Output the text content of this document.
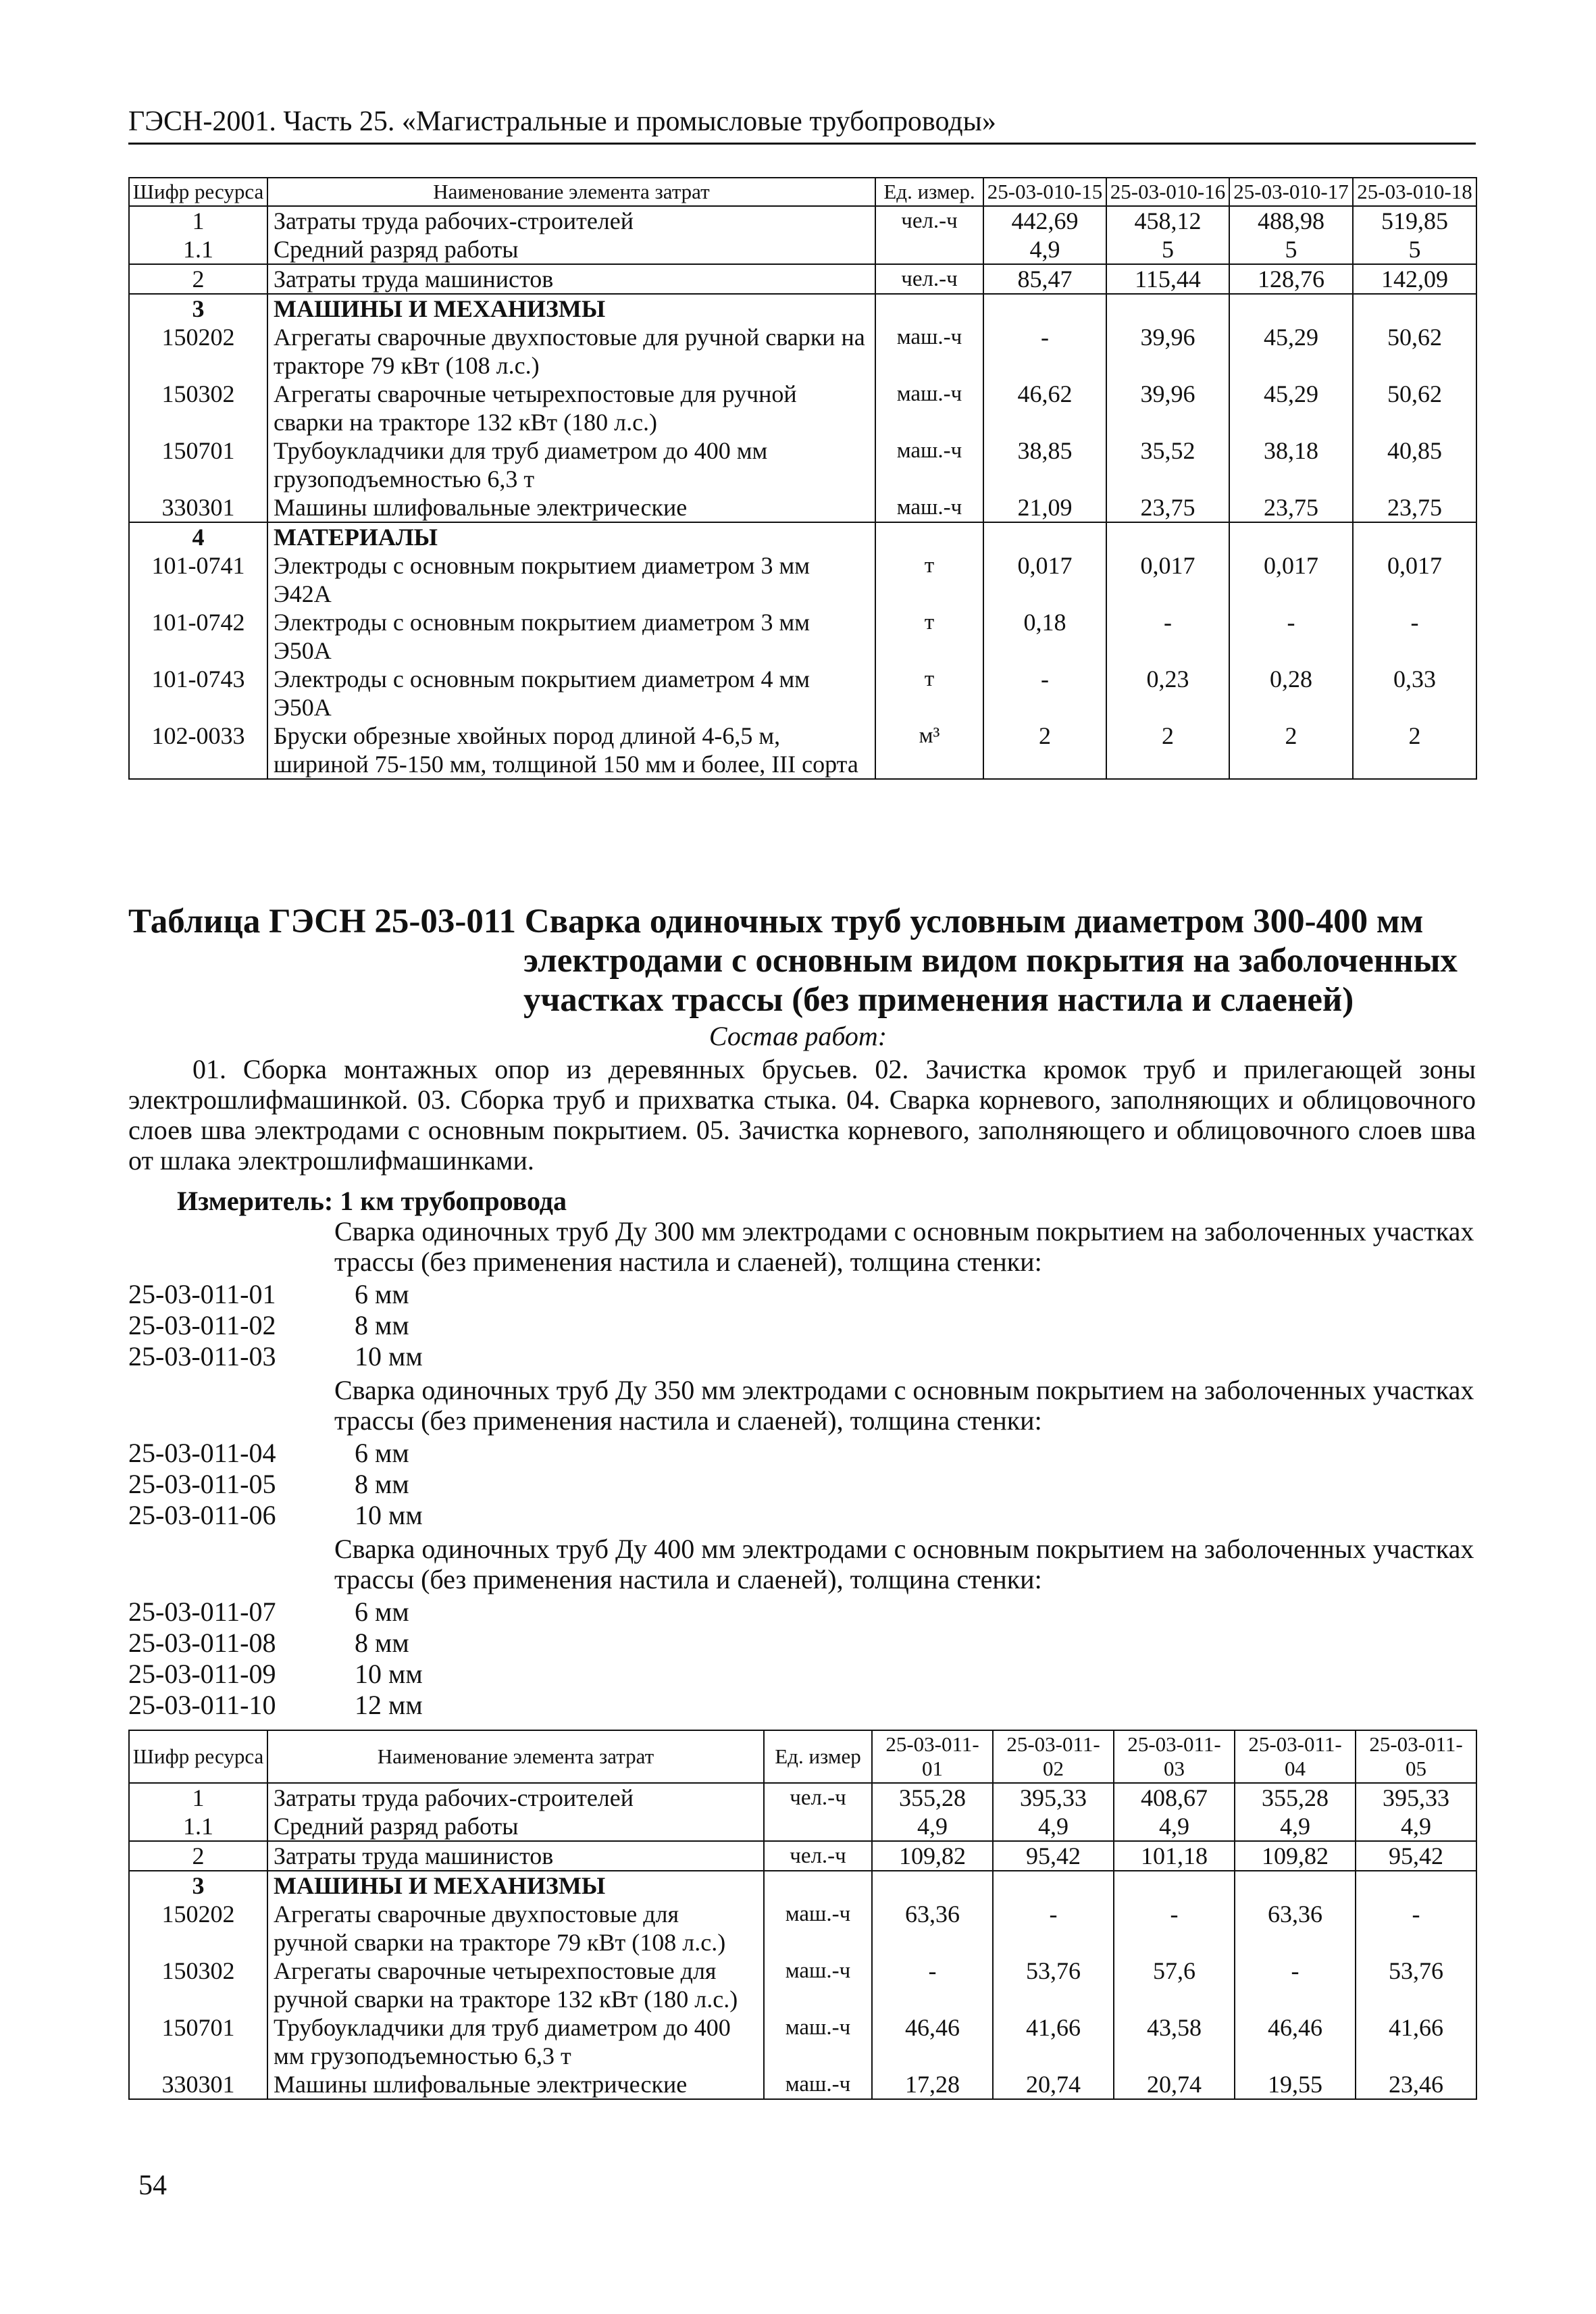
ГЭСН-2001. Часть 25. «Магистральные и промысловые трубопроводы»
Шифр ресурса	Наименование элемента затрат	Ед. измер.	25-03-010-15	25-03-010-16	25-03-010-17	25-03-010-18
1	Затраты труда рабочих-строителей	чел.-ч	442,69	458,12	488,98	519,85
1.1	Средний разряд работы		4,9	5	5	5
2	Затраты труда машинистов	чел.-ч	85,47	115,44	128,76	142,09
3	МАШИНЫ И МЕХАНИЗМЫ					
150202	Агрегаты сварочные двухпостовые для ручной сварки на тракторе 79 кВт (108 л.с.)	маш.-ч	-	39,96	45,29	50,62
150302	Агрегаты сварочные четырехпостовые для ручной сварки на тракторе 132 кВт (180 л.с.)	маш.-ч	46,62	39,96	45,29	50,62
150701	Трубоукладчики для труб диаметром до 400 мм грузоподъемностью 6,3 т	маш.-ч	38,85	35,52	38,18	40,85
330301	Машины шлифовальные электрические	маш.-ч	21,09	23,75	23,75	23,75
4	МАТЕРИАЛЫ					
101-0741	Электроды с основным покрытием диаметром 3 мм Э42А	т	0,017	0,017	0,017	0,017
101-0742	Электроды с основным покрытием диаметром 3 мм Э50А	т	0,18	-	-	-
101-0743	Электроды с основным покрытием диаметром 4 мм Э50А	т	-	0,23	0,28	0,33
102-0033	Бруски обрезные хвойных пород длиной 4-6,5 м, шириной 75-150 мм, толщиной 150 мм и более, III сорта	м³	2	2	2	2
Таблица ГЭСН 25-03-011 Сварка одиночных труб условным диаметром 300-400 мм
электродами с основным видом покрытия на заболоченных
участках трассы (без применения настила и слаеней)
Состав работ:
01. Сборка монтажных опор из деревянных брусьев. 02. Зачистка кромок труб и прилегающей зоны электрошлифмашинкой. 03. Сборка труб и прихватка стыка. 04. Сварка корневого, заполняющих и облицовочного слоев шва электродами с основным покрытием. 05. Зачистка корневого, заполняющего и облицовочного слоев шва от шлака электрошлифмашинками.
Измеритель: 1 км трубопровода
Сварка одиночных труб Ду 300 мм электродами с основным покрытием на заболоченных участках трассы (без применения настила и слаеней), толщина стенки:
25-03-011-01	6 мм
25-03-011-02	8 мм
25-03-011-03	10 мм
Сварка одиночных труб Ду 350 мм электродами с основным покрытием на заболоченных участках трассы (без применения настила и слаеней), толщина стенки:
25-03-011-04	6 мм
25-03-011-05	8 мм
25-03-011-06	10 мм
Сварка одиночных труб Ду 400 мм электродами с основным покрытием на заболоченных участках трассы (без применения настила и слаеней), толщина стенки:
25-03-011-07	6 мм
25-03-011-08	8 мм
25-03-011-09	10 мм
25-03-011-10	12 мм
Шифр ресурса	Наименование элемента затрат	Ед. измер	25-03-011-01	25-03-011-02	25-03-011-03	25-03-011-04	25-03-011-05
1	Затраты труда рабочих-строителей	чел.-ч	355,28	395,33	408,67	355,28	395,33
1.1	Средний разряд работы		4,9	4,9	4,9	4,9	4,9
2	Затраты труда машинистов	чел.-ч	109,82	95,42	101,18	109,82	95,42
3	МАШИНЫ И МЕХАНИЗМЫ						
150202	Агрегаты сварочные двухпостовые для ручной сварки на тракторе 79 кВт (108 л.с.)	маш.-ч	63,36	-	-	63,36	-
150302	Агрегаты сварочные четырехпостовые для ручной сварки на тракторе 132 кВт (180 л.с.)	маш.-ч	-	53,76	57,6	-	53,76
150701	Трубоукладчики для труб диаметром до 400 мм грузоподъемностью 6,3 т	маш.-ч	46,46	41,66	43,58	46,46	41,66
330301	Машины шлифовальные электрические	маш.-ч	17,28	20,74	20,74	19,55	23,46
54
